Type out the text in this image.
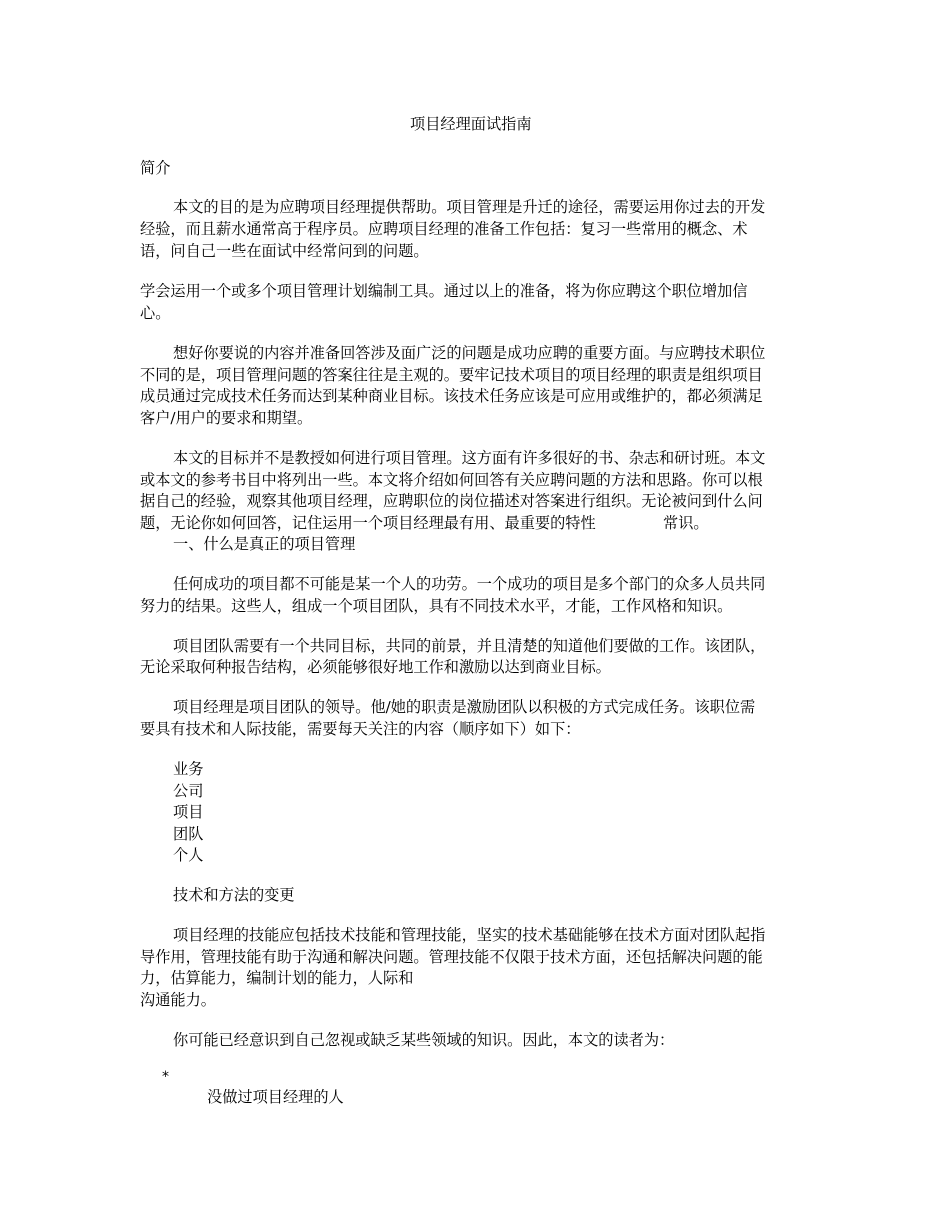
项目经理面试指南
简介
本文的目的是为应聘项目经理提供帮助。项目管理是升迁的途径，需要运用你过去的开发
经验，而且薪水通常高于程序员。应聘项目经理的准备工作包括：复习一些常用的概念、术
语，问自己一些在面试中经常问到的问题。
学会运用一个或多个项目管理计划编制工具。通过以上的准备，将为你应聘这个职位增加信
心。
想好你要说的内容并准备回答涉及面广泛的问题是成功应聘的重要方面。与应聘技术职位
不同的是，项目管理问题的答案往往是主观的。要牢记技术项目的项目经理的职责是组织项目
成员通过完成技术任务而达到某种商业目标。该技术任务应该是可应用或维护的，都必须满足
客户/用户的要求和期望。
本文的目标并不是教授如何进行项目管理。这方面有许多很好的书、杂志和研讨班。本文
或本文的参考书目中将列出一些。本文将介绍如何回答有关应聘问题的方法和思路。你可以根
据自己的经验，观察其他项目经理，应聘职位的岗位描述对答案进行组织。无论被问到什么问
题，无论你如何回答，记住运用一个项目经理最有用、最重要的特性	常识。
一、什么是真正的项目管理
任何成功的项目都不可能是某一个人的功劳。一个成功的项目是多个部门的众多人员共同
努力的结果。这些人，组成一个项目团队，具有不同技术水平，才能，工作风格和知识。
项目团队需要有一个共同目标，共同的前景，并且清楚的知道他们要做的工作。该团队，
无论采取何种报告结构，必须能够很好地工作和激励以达到商业目标。
项目经理是项目团队的领导。他/她的职责是激励团队以积极的方式完成任务。该职位需
要具有技术和人际技能，需要每天关注的内容（顺序如下）如下：
业务
公司
项目
团队
个人
技术和方法的变更
项目经理的技能应包括技术技能和管理技能，坚实的技术基础能够在技术方面对团队起指
导作用，管理技能有助于沟通和解决问题。管理技能不仅限于技术方面，还包括解决问题的能
力，估算能力，编制计划的能力，人际和
沟通能力。
你可能已经意识到自己忽视或缺乏某些领域的知识。因此，本文的读者为：
*
没做过项目经理的人
